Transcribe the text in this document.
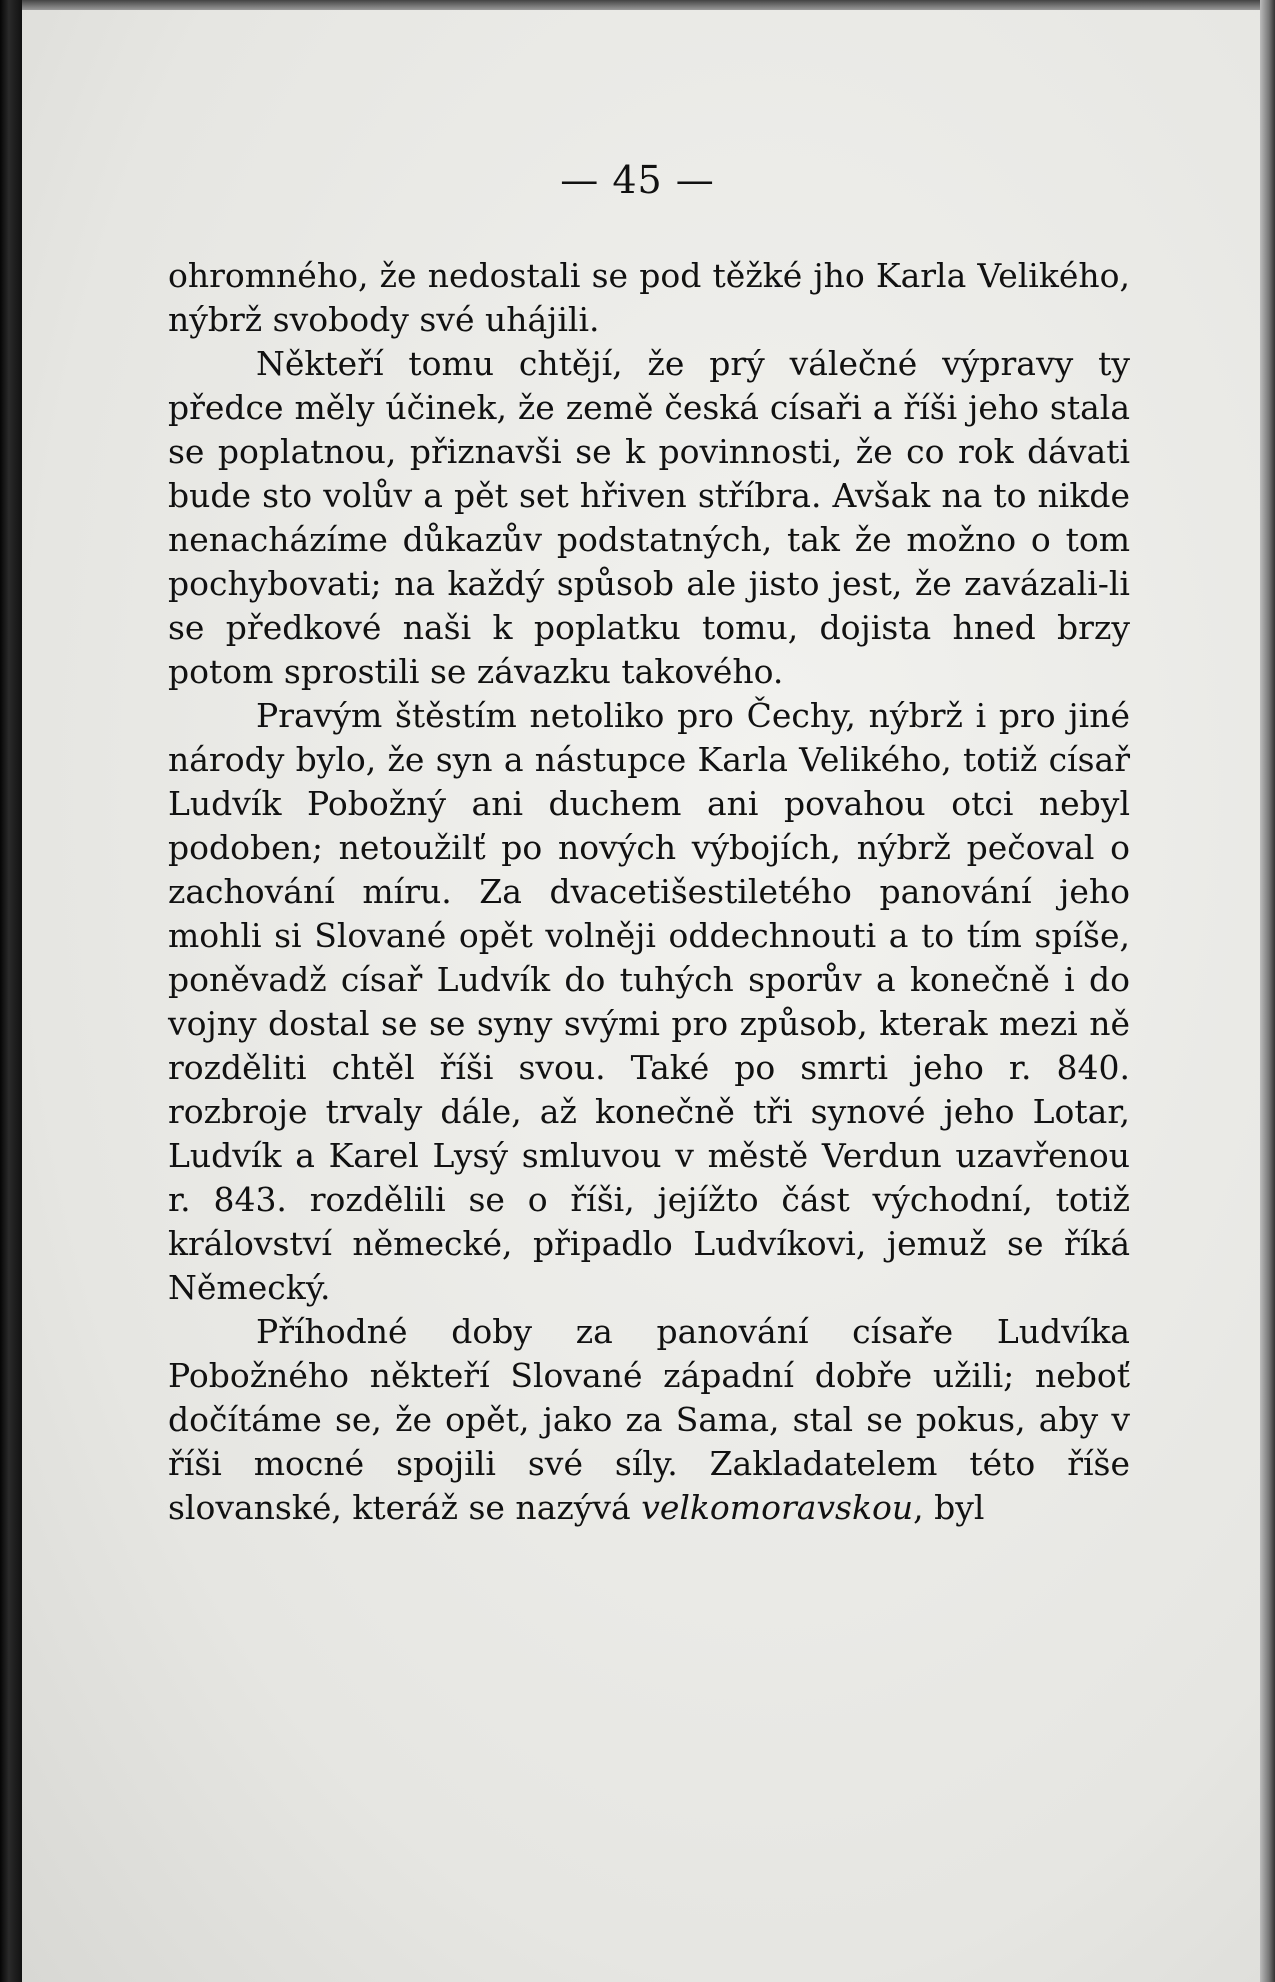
— 45 —

ohromného, že nedostali se pod těžké jho Karla Velikého, nýbrž svobody své uhájili.

Někteří tomu chtějí, že prý válečné výpravy ty předce měly účinek, že země česká císaři a říši jeho stala se poplatnou, přiznavši se k povinnosti, že co rok dávati bude sto volův a pět set hřiven stříbra. Avšak na to nikde nenacházíme důkazův podstatných, tak že možno o tom pochybovati; na každý spůsob ale jisto jest, že zavázali-li se předkové naši k poplatku tomu, dojista hned brzy potom sprostili se závazku takového.

Pravým štěstím netoliko pro Čechy, nýbrž i pro jiné národy bylo, že syn a nástupce Karla Velikého, totiž císař Ludvík Pobožný ani duchem ani povahou otci nebyl podoben; netoužilť po nových výbojích, nýbrž pečoval o zachování míru. Za dvacetišestiletého panování jeho mohli si Slované opět volněji oddechnouti a to tím spíše, poněvadž císař Ludvík do tuhých sporův a konečně i do vojny dostal se se syny svými pro způsob, kterak mezi ně rozděliti chtěl říši svou. Také po smrti jeho r. 840. rozbroje trvaly dále, až konečně tři synové jeho Lotar, Ludvík a Karel Lysý smluvou v městě Verdun uzavřenou r. 843. rozdělili se o říši, jejížto část východní, totiž království německé, připadlo Ludvíkovi, jemuž se říká Německý.

Příhodné doby za panování císaře Ludvíka Pobožného někteří Slované západní dobře užili; neboť dočítáme se, že opět, jako za Sama, stal se pokus, aby v říši mocné spojili své síly. Zakladatelem této říše slovanské, kteráž se nazývá velkomoravskou, byl
